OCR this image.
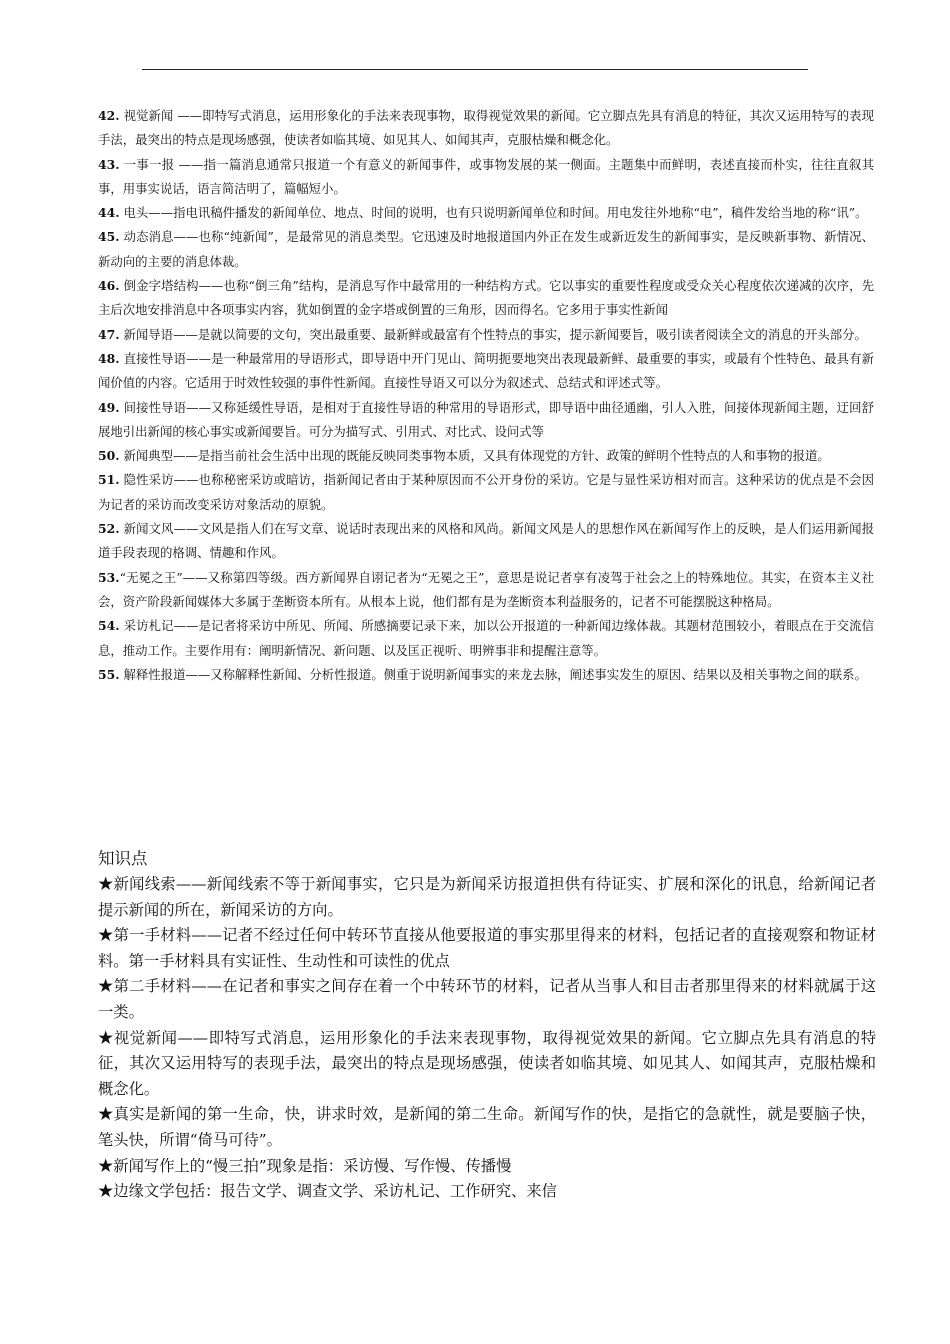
42. 视觉新闻 ——即特写式消息，运用形象化的手法来表现事物，取得视觉效果的新闻。它立脚点先具有消息的特征，其次又运用特写的表现手法，最突出的特点是现场感强，使读者如临其境、如见其人、如闻其声，克服枯燥和概念化。
43. 一事一报 ——指一篇消息通常只报道一个有意义的新闻事件，或事物发展的某一侧面。主题集中而鲜明，表述直接而朴实，往往直叙其事，用事实说话，语言简洁明了，篇幅短小。
44. 电头——指电讯稿件播发的新闻单位、地点、时间的说明，也有只说明新闻单位和时间。用电发往外地称“电”，稿件发给当地的称“讯”。
45. 动态消息——也称“纯新闻”，是最常见的消息类型。它迅速及时地报道国内外正在发生或新近发生的新闻事实，是反映新事物、新情况、新动向的主要的消息体裁。
46. 倒金字塔结构——也称“倒三角”结构，是消息写作中最常用的一种结构方式。它以事实的重要性程度或受众关心程度依次递减的次序，先主后次地安排消息中各项事实内容，犹如倒置的金字塔或倒置的三角形，因而得名。它多用于事实性新闻
47. 新闻导语——是就以简要的文句，突出最重要、最新鲜或最富有个性特点的事实，提示新闻要旨，吸引读者阅读全文的消息的开头部分。
48. 直接性导语——是一种最常用的导语形式，即导语中开门见山、简明扼要地突出表现最新鲜、最重要的事实，或最有个性特色、最具有新闻价值的内容。它适用于时效性较强的事件性新闻。直接性导语又可以分为叙述式、总结式和评述式等。
49. 间接性导语——又称延缓性导语，是相对于直接性导语的种常用的导语形式，即导语中曲径通幽，引人入胜，间接体现新闻主题，迂回舒展地引出新闻的核心事实或新闻要旨。可分为描写式、引用式、对比式、设问式等
50. 新闻典型——是指当前社会生活中出现的既能反映同类事物本质，又具有体现党的方针、政策的鲜明个性特点的人和事物的报道。
51. 隐性采访——也称秘密采访或暗访，指新闻记者由于某种原因而不公开身份的采访。它是与显性采访相对而言。这种采访的优点是不会因为记者的采访而改变采访对象活动的原貌。
52. 新闻文风——文风是指人们在写文章、说话时表现出来的风格和风尚。新闻文风是人的思想作风在新闻写作上的反映，是人们运用新闻报道手段表现的格调、情趣和作风。
53.“无冕之王”——又称第四等级。西方新闻界自诩记者为“无冕之王”，意思是说记者享有凌驾于社会之上的特殊地位。其实，在资本主义社会，资产阶段新闻媒体大多属于垄断资本所有。从根本上说，他们都有是为垄断资本利益服务的，记者不可能摆脱这种格局。
54. 采访札记——是记者将采访中所见、所闻、所感摘要记录下来，加以公开报道的一种新闻边缘体裁。其题材范围较小，着眼点在于交流信息，推动工作。主要作用有：阐明新情况、新问题、以及匡正视听、明辨事非和提醒注意等。
55. 解释性报道——又称解释性新闻、分析性报道。侧重于说明新闻事实的来龙去脉，阐述事实发生的原因、结果以及相关事物之间的联系。
知识点
★新闻线索——新闻线索不等于新闻事实，它只是为新闻采访报道担供有待证实、扩展和深化的讯息，给新闻记者提示新闻的所在，新闻采访的方向。
★第一手材料——记者不经过任何中转环节直接从他要报道的事实那里得来的材料，包括记者的直接观察和物证材料。第一手材料具有实证性、生动性和可读性的优点
★第二手材料——在记者和事实之间存在着一个中转环节的材料，记者从当事人和目击者那里得来的材料就属于这一类。
★视觉新闻——即特写式消息，运用形象化的手法来表现事物，取得视觉效果的新闻。它立脚点先具有消息的特征，其次又运用特写的表现手法，最突出的特点是现场感强，使读者如临其境、如见其人、如闻其声，克服枯燥和概念化。
★真实是新闻的第一生命，快，讲求时效，是新闻的第二生命。新闻写作的快，是指它的急就性，就是要脑子快，笔头快，所谓“倚马可待”。
★新闻写作上的“慢三拍”现象是指：采访慢、写作慢、传播慢
★边缘文学包括：报告文学、调查文学、采访札记、工作研究、来信
